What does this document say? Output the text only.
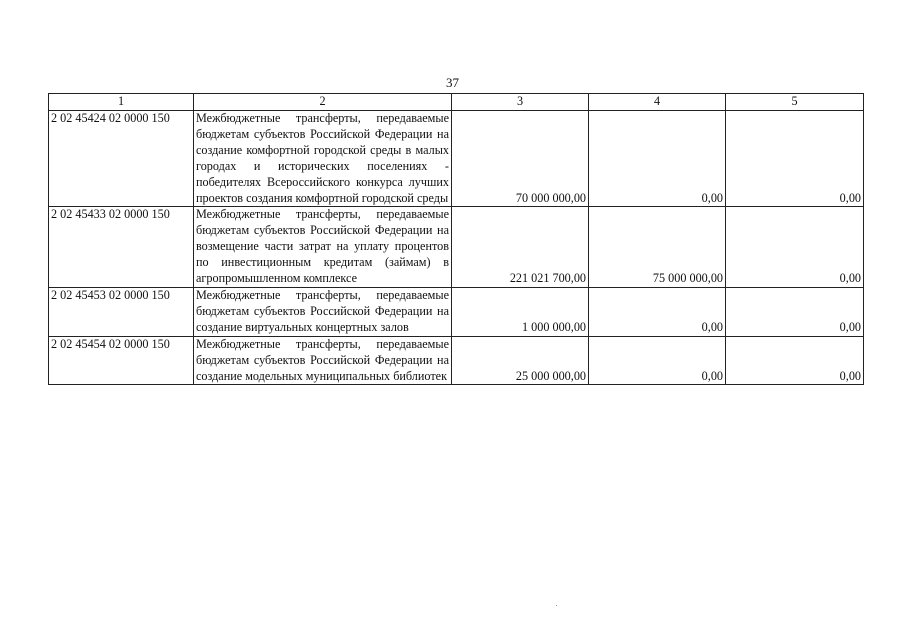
37
1	2	3	4	5
2 02 45424 02 0000 150	Межбюджетные трансферты, передаваемые бюджетам субъектов Российской Федерации на создание комфортной городской среды в малых городах и исторических поселениях - победителях Всероссийского конкурса лучших проектов создания комфортной городской среды	70 000 000,00	0,00	0,00
2 02 45433 02 0000 150	Межбюджетные трансферты, передаваемые бюджетам субъектов Российской Федерации на возмещение части затрат на уплату процентов по инвестиционным кредитам (займам) в агропромышленном комплексе	221 021 700,00	75 000 000,00	0,00
2 02 45453 02 0000 150	Межбюджетные трансферты, передаваемые бюджетам субъектов Российской Федерации на создание виртуальных концертных залов	1 000 000,00	0,00	0,00
2 02 45454 02 0000 150	Межбюджетные трансферты, передаваемые бюджетам субъектов Российской Федерации на создание модельных муниципальных библиотек	25 000 000,00	0,00	0,00
